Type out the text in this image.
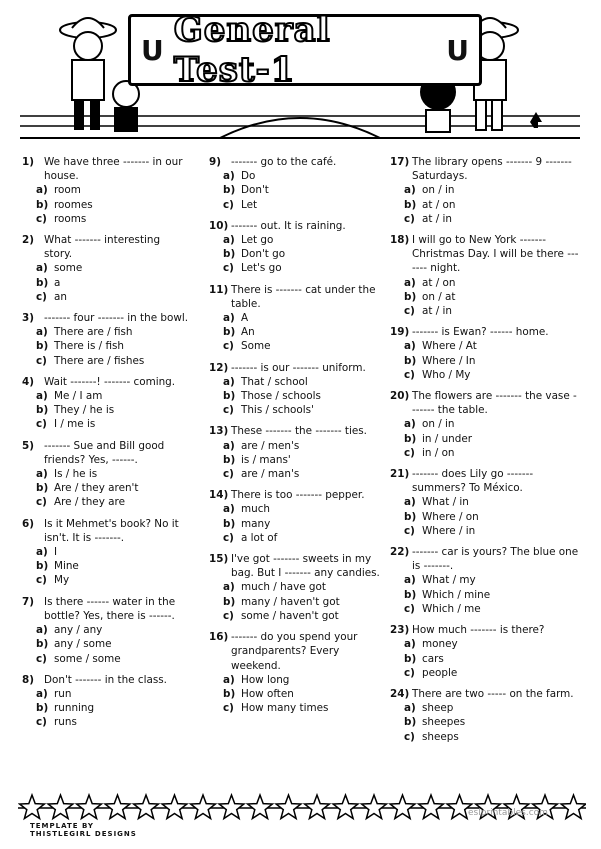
U General Test-1	U
1) We have three ------- in our house.
a) room
b) roomes
c) rooms
2) What ------- interesting story.
a) some
b) a
c) an
3) ------- four ------- in the bowl.
a) There are / fish
b) There is / fish
c) There are / fishes
4) Wait -------! ------- coming.
a) Me / I am
b) They / he is
c) I / me is
5) ------- Sue and Bill good friends? Yes, ------.
a) Is / he is
b) Are / they aren't
c) Are / they are
6) Is it Mehmet's book? No it isn't. It is -------.
a) I
b) Mine
c) My
7) Is there ------ water in the bottle? Yes, there is ------.
a) any / any
b) any / some
c) some / some
8) Don't ------- in the class.
a) run
b) running
c) runs
9) ------- go to the café.
a) Do
b) Don't
c) Let
10) ------- out. It is raining.
a) Let go
b) Don't go
c) Let's go
11) There is ------- cat under the table.
a) A
b) An
c) Some
12) ------- is our ------- uniform.
a) That / school
b) Those / schools
c) This / schools'
13) These ------- the ------- ties.
a) are / men's
b) is / mans'
c) are / man's
14) There is too ------- pepper.
a) much
b) many
c) a lot of
15) I've got ------- sweets in my bag. But I ------- any candies.
a) much / have got
b) many / haven't got
c) some / haven't got
16) ------- do you spend your grandparents? Every weekend.
a) How long
b) How often
c) How many times
17) The library opens ------- 9 ------- Saturdays.
a) on / in
b) at / on
c) at / in
18) I will go to New York ------- Christmas Day. I will be there ------- night.
a) at / on
b) on / at
c) at / in
19) ------- is Ewan? ------ home.
a) Where / At
b) Where / In
c) Who / My
20) The flowers are ------- the vase ------- the table.
a) on / in
b) in / under
c) in / on
21) ------- does Lily go ------- summers? To México.
a) What / in
b) Where / on
c) Where / in
22) ------- car is yours? The blue one is -------.
a) What / my
b) Which / mine
c) Which / me
23) How much ------- is there?
a) money
b) cars
c) people
24) There are two ----- on the farm.
a) sheep
b) sheepes
c) sheeps
TEMPLATE BY
THISTLEGIRL DESIGNS
eslprintables.com
